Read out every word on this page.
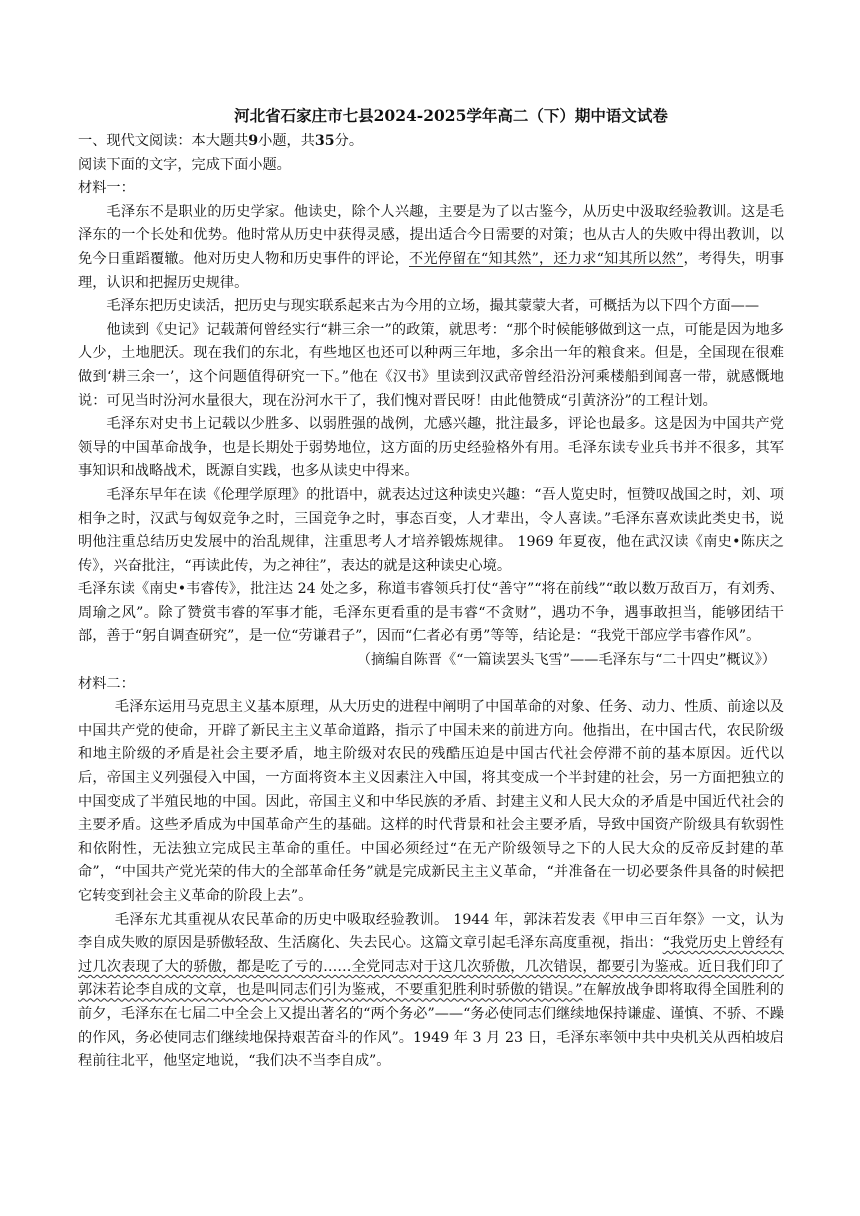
河北省石家庄市七县2024-2025学年高二（下）期中语文试卷

一、现代文阅读：本大题共9小题，共35分。

阅读下面的文字，完成下面小题。

材料一：

毛泽东不是职业的历史学家。他读史，除个人兴趣，主要是为了以古鉴今，从历史中汲取经验教训。这是毛泽东的一个长处和优势。他时常从历史中获得灵感，提出适合今日需要的对策；也从古人的失败中得出教训，以免今日重蹈覆辙。他对历史人物和历史事件的评论，不光停留在“知其然”，还力求“知其所以然”，考得失，明事理，认识和把握历史规律。

毛泽东把历史读活，把历史与现实联系起来古为今用的立场，撮其蒙蒙大者，可概括为以下四个方面——

他读到《史记》记载萧何曾经实行“耕三余一”的政策，就思考：“那个时候能够做到这一点，可能是因为地多人少，土地肥沃。现在我们的东北，有些地区也还可以种两三年地，多余出一年的粮食来。但是，全国现在很难做到‘耕三余一’，这个问题值得研究一下。”他在《汉书》里读到汉武帝曾经沿汾河乘楼船到闻喜一带，就感慨地说：可见当时汾河水量很大，现在汾河水干了，我们愧对晋民呀！由此他赞成“引黄济汾”的工程计划。

毛泽东对史书上记载以少胜多、以弱胜强的战例，尤感兴趣，批注最多，评论也最多。这是因为中国共产党领导的中国革命战争，也是长期处于弱势地位，这方面的历史经验格外有用。毛泽东读专业兵书并不很多，其军事知识和战略战术，既源自实践，也多从读史中得来。

毛泽东早年在读《伦理学原理》的批语中，就表达过这种读史兴趣：“吾人览史时，恒赞叹战国之时，刘、项相争之时，汉武与匈奴竞争之时，三国竞争之时，事态百变，人才辈出，令人喜读。”毛泽东喜欢读此类史书，说明他注重总结历史发展中的治乱规律，注重思考人才培养锻炼规律。 1969 年夏夜，他在武汉读《南史•陈庆之传》，兴奋批注，“再读此传，为之神往”，表达的就是这种读史心境。

毛泽东读《南史•韦睿传》，批注达 24 处之多，称道韦睿领兵打仗“善守”“将在前线”“敢以数万敌百万，有刘秀、周瑜之风”。除了赞赏韦睿的军事才能，毛泽东更看重的是韦睿“不贪财”，遇功不争，遇事敢担当，能够团结干部，善于“躬自调查研究”，是一位“劳谦君子”，因而“仁者必有勇”等等，结论是：“我党干部应学韦睿作风”。

（摘编自陈晋《“一篇读罢头飞雪”——毛泽东与“二十四史”概议》）

材料二：

毛泽东运用马克思主义基本原理，从大历史的进程中阐明了中国革命的对象、任务、动力、性质、前途以及中国共产党的使命，开辟了新民主主义革命道路，指示了中国未来的前进方向。他指出，在中国古代，农民阶级和地主阶级的矛盾是社会主要矛盾，地主阶级对农民的残酷压迫是中国古代社会停滞不前的基本原因。近代以后，帝国主义列强侵入中国，一方面将资本主义因素注入中国，将其变成一个半封建的社会，另一方面把独立的中国变成了半殖民地的中国。因此，帝国主义和中华民族的矛盾、封建主义和人民大众的矛盾是中国近代社会的主要矛盾。这些矛盾成为中国革命产生的基础。这样的时代背景和社会主要矛盾，导致中国资产阶级具有软弱性和依附性，无法独立完成民主革命的重任。中国必须经过“在无产阶级领导之下的人民大众的反帝反封建的革命”，“中国共产党光荣的伟大的全部革命任务”就是完成新民主主义革命，“并准备在一切必要条件具备的时候把它转变到社会主义革命的阶段上去”。

毛泽东尤其重视从农民革命的历史中吸取经验教训。 1944 年，郭沫若发表《甲申三百年祭》一文，认为李自成失败的原因是骄傲轻敌、生活腐化、失去民心。这篇文章引起毛泽东高度重视，指出：“我党历史上曾经有过几次表现了大的骄傲，都是吃了亏的……全党同志对于这几次骄傲，几次错误，都要引为鉴戒。近日我们印了郭沫若论李自成的文章，也是叫同志们引为鉴戒，不要重犯胜利时骄傲的错误。”在解放战争即将取得全国胜利的前夕，毛泽东在七届二中全会上又提出著名的“两个务必”——“务必使同志们继续地保持谦虚、谨慎、不骄、不躁的作风，务必使同志们继续地保持艰苦奋斗的作风”。1949 年 3 月 23 日，毛泽东率领中共中央机关从西柏坡启程前往北平，他坚定地说，“我们决不当李自成”。
